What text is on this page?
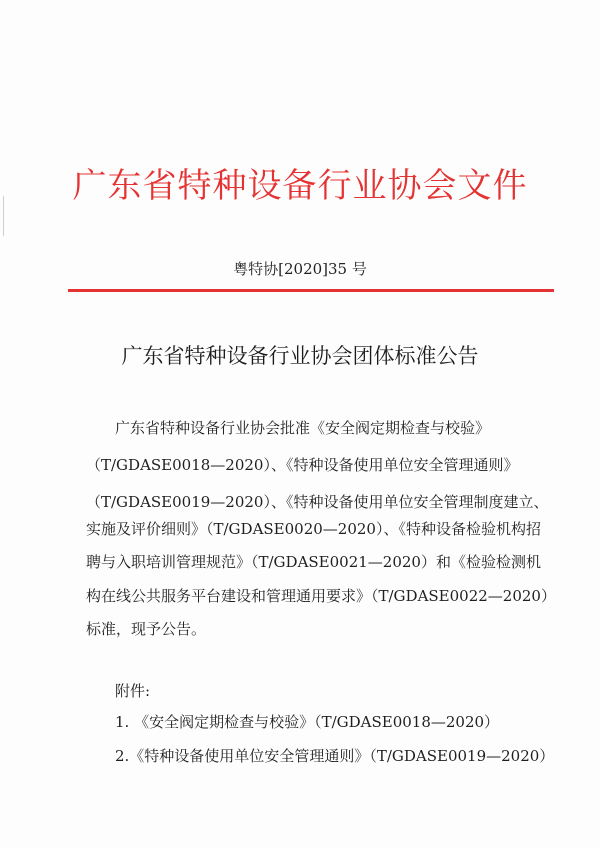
广东省特种设备行业协会文件
粤特协[2020]35 号
广东省特种设备行业协会团体标准公告
广东省特种设备行业协会批准《安全阀定期检查与校验》
（T/GDASE0018—2020）、《特种设备使用单位安全管理通则》
（T/GDASE0019—2020）、《特种设备使用单位安全管理制度建立、
实施及评价细则》（T/GDASE0020—2020）、《特种设备检验机构招
聘与入职培训管理规范》（T/GDASE0021—2020）和《检验检测机
构在线公共服务平台建设和管理通用要求》（T/GDASE0022—2020）
标准，现予公告。
附件:
1. 《安全阀定期检查与校验》（T/GDASE0018—2020）
2.《特种设备使用单位安全管理通则》（T/GDASE0019—2020）
